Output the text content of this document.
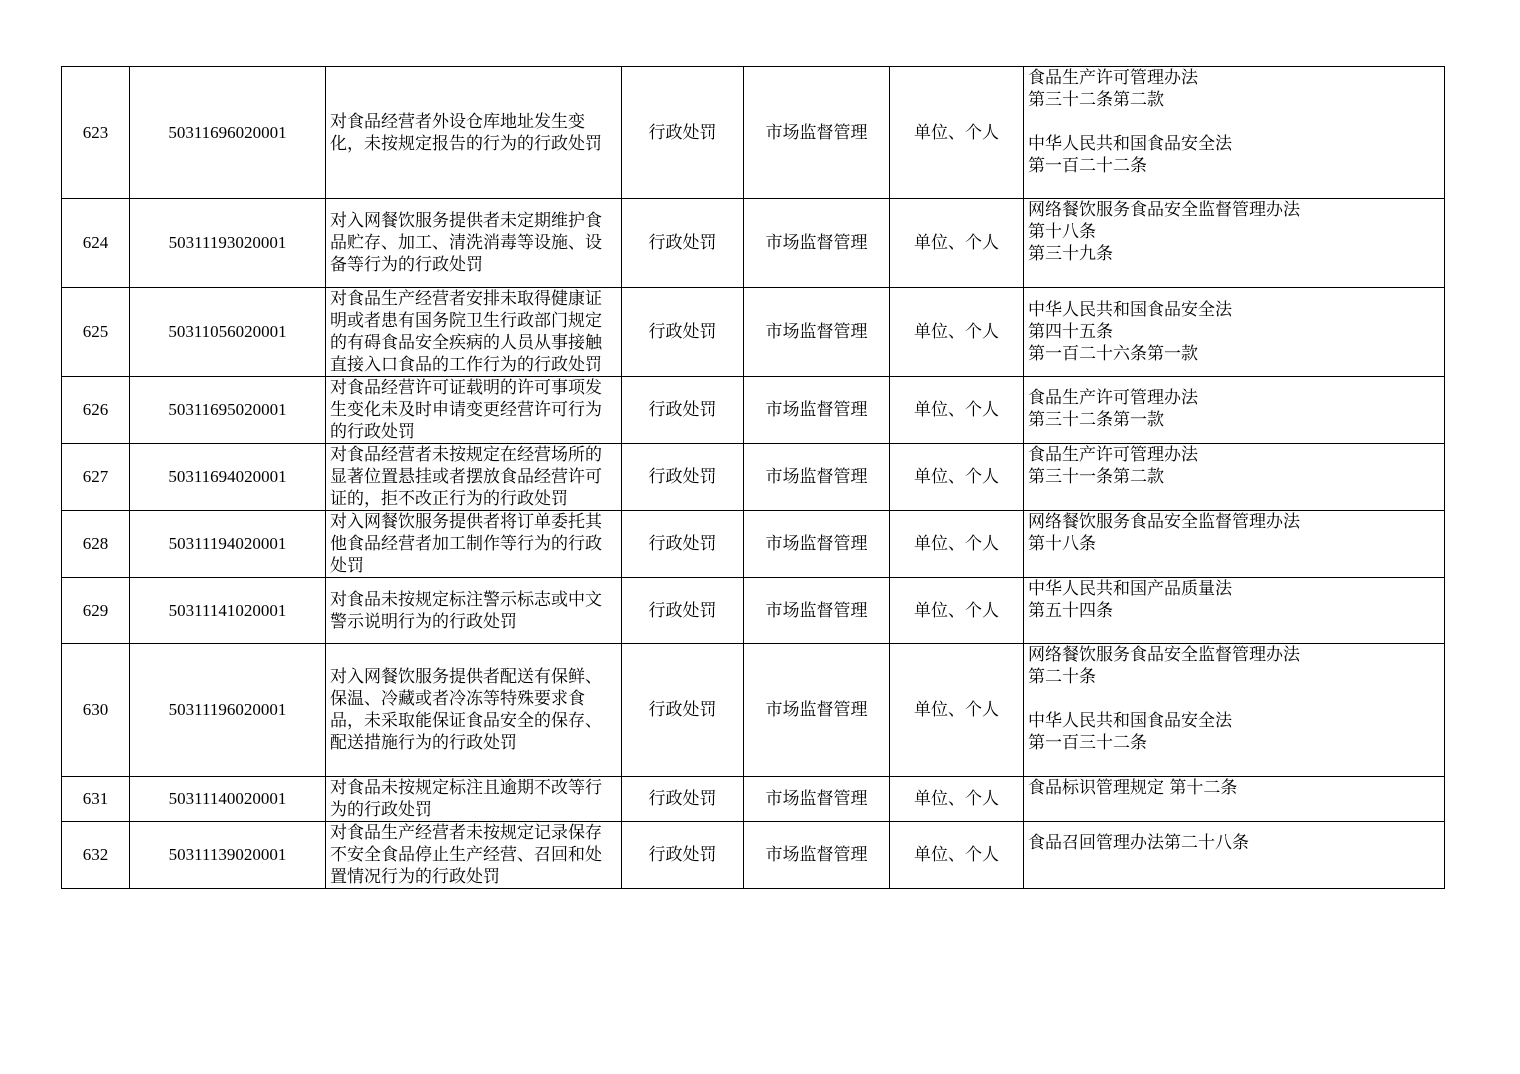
623	50311696020001	对食品经营者外设仓库地址发生变化，未按规定报告的行为的行政处罚	行政处罚	市场监督管理	单位、个人	食品生产许可管理办法
第三十二条第二款

中华人民共和国食品安全法
第一百二十二条
624	50311193020001	对入网餐饮服务提供者未定期维护食品贮存、加工、清洗消毒等设施、设备等行为的行政处罚	行政处罚	市场监督管理	单位、个人	网络餐饮服务食品安全监督管理办法
第十八条
第三十九条
625	50311056020001	对食品生产经营者安排未取得健康证明或者患有国务院卫生行政部门规定的有碍食品安全疾病的人员从事接触直接入口食品的工作行为的行政处罚	行政处罚	市场监督管理	单位、个人	中华人民共和国食品安全法
第四十五条
第一百二十六条第一款
626	50311695020001	对食品经营许可证载明的许可事项发生变化未及时申请变更经营许可行为的行政处罚	行政处罚	市场监督管理	单位、个人	食品生产许可管理办法
第三十二条第一款
627	50311694020001	对食品经营者未按规定在经营场所的显著位置悬挂或者摆放食品经营许可证的，拒不改正行为的行政处罚	行政处罚	市场监督管理	单位、个人	食品生产许可管理办法
第三十一条第二款
628	50311194020001	对入网餐饮服务提供者将订单委托其他食品经营者加工制作等行为的行政处罚	行政处罚	市场监督管理	单位、个人	网络餐饮服务食品安全监督管理办法
第十八条
629	50311141020001	对食品未按规定标注警示标志或中文警示说明行为的行政处罚	行政处罚	市场监督管理	单位、个人	中华人民共和国产品质量法
第五十四条
630	50311196020001	对入网餐饮服务提供者配送有保鲜、保温、冷藏或者冷冻等特殊要求食品，未采取能保证食品安全的保存、配送措施行为的行政处罚	行政处罚	市场监督管理	单位、个人	网络餐饮服务食品安全监督管理办法
第二十条

中华人民共和国食品安全法
第一百三十二条
631	50311140020001	对食品未按规定标注且逾期不改等行为的行政处罚	行政处罚	市场监督管理	单位、个人	食品标识管理规定 第十二条
632	50311139020001	对食品生产经营者未按规定记录保存不安全食品停止生产经营、召回和处置情况行为的行政处罚	行政处罚	市场监督管理	单位、个人	食品召回管理办法第二十八条
